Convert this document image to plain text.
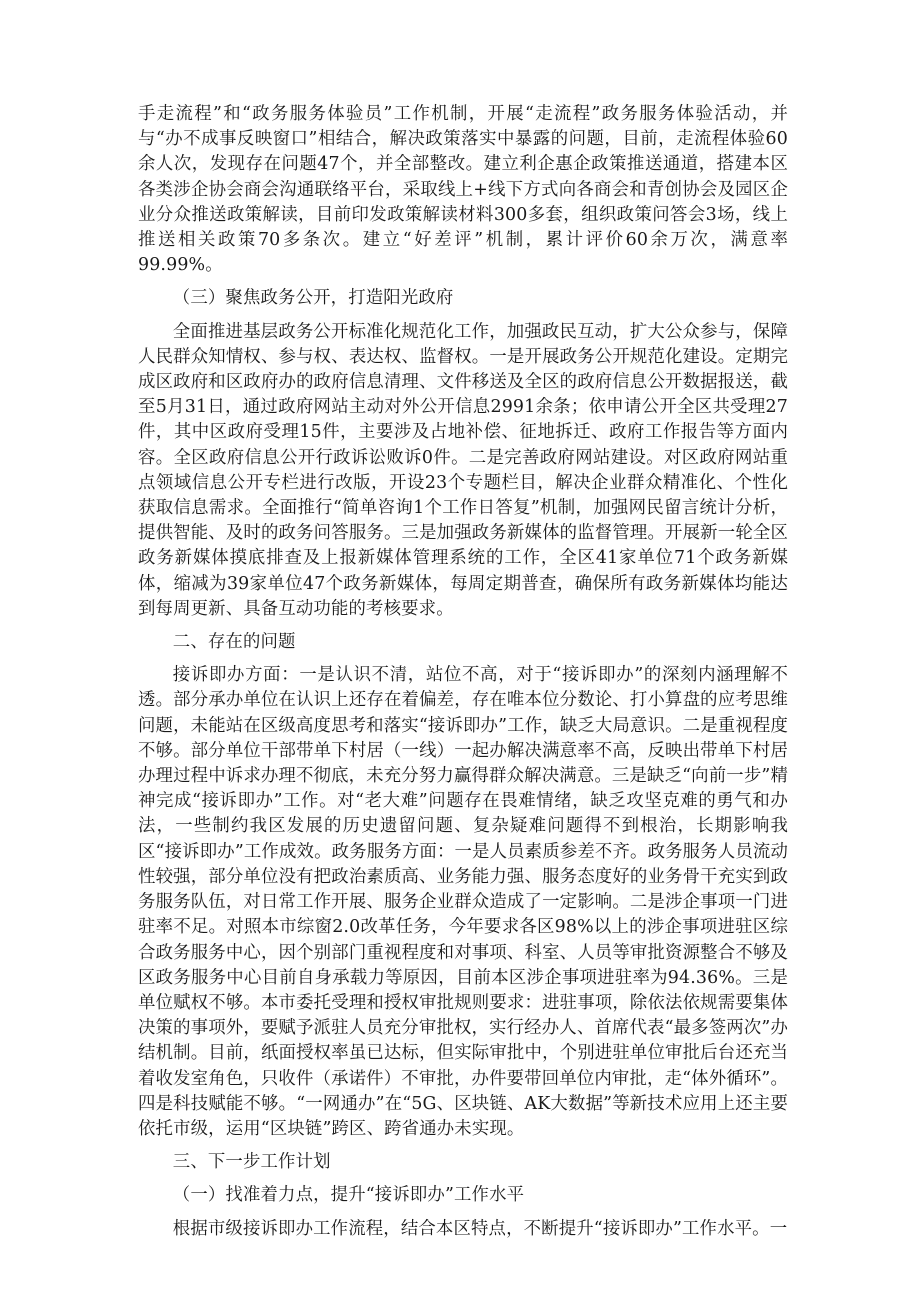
手走流程”和“政务服务体验员”工作机制，开展“走流程”政务服务体验活动，并与“办不成事反映窗口”相结合，解决政策落实中暴露的问题，目前，走流程体验60余人次，发现存在问题47个，并全部整改。建立利企惠企政策推送通道，搭建本区各类涉企协会商会沟通联络平台，采取线上+线下方式向各商会和青创协会及园区企业分众推送政策解读，目前印发政策解读材料300多套，组织政策问答会3场，线上推送相关政策70多条次。建立“好差评”机制，累计评价60余万次，满意率99.99%。

（三）聚焦政务公开，打造阳光政府

全面推进基层政务公开标准化规范化工作，加强政民互动，扩大公众参与，保障人民群众知情权、参与权、表达权、监督权。一是开展政务公开规范化建设。定期完成区政府和区政府办的政府信息清理、文件移送及全区的政府信息公开数据报送，截至5月31日，通过政府网站主动对外公开信息2991余条；依申请公开全区共受理27件，其中区政府受理15件，主要涉及占地补偿、征地拆迁、政府工作报告等方面内容。全区政府信息公开行政诉讼败诉0件。二是完善政府网站建设。对区政府网站重点领域信息公开专栏进行改版，开设23个专题栏目，解决企业群众精准化、个性化获取信息需求。全面推行“简单咨询1个工作日答复”机制，加强网民留言统计分析，提供智能、及时的政务问答服务。三是加强政务新媒体的监督管理。开展新一轮全区政务新媒体摸底排查及上报新媒体管理系统的工作，全区41家单位71个政务新媒体，缩减为39家单位47个政务新媒体，每周定期普查，确保所有政务新媒体均能达到每周更新、具备互动功能的考核要求。

二、存在的问题

接诉即办方面：一是认识不清，站位不高，对于“接诉即办”的深刻内涵理解不透。部分承办单位在认识上还存在着偏差，存在唯本位分数论、打小算盘的应考思维问题，未能站在区级高度思考和落实“接诉即办”工作，缺乏大局意识。二是重视程度不够。部分单位干部带单下村居（一线）一起办解决满意率不高，反映出带单下村居办理过程中诉求办理不彻底，未充分努力赢得群众解决满意。三是缺乏“向前一步”精神完成“接诉即办”工作。对“老大难”问题存在畏难情绪，缺乏攻坚克难的勇气和办法，一些制约我区发展的历史遗留问题、复杂疑难问题得不到根治，长期影响我区“接诉即办”工作成效。政务服务方面：一是人员素质参差不齐。政务服务人员流动性较强，部分单位没有把政治素质高、业务能力强、服务态度好的业务骨干充实到政务服务队伍，对日常工作开展、服务企业群众造成了一定影响。二是涉企事项一门进驻率不足。对照本市综窗2.0改革任务，今年要求各区98%以上的涉企事项进驻区综合政务服务中心，因个别部门重视程度和对事项、科室、人员等审批资源整合不够及区政务服务中心目前自身承载力等原因，目前本区涉企事项进驻率为94.36%。三是单位赋权不够。本市委托受理和授权审批规则要求：进驻事项，除依法依规需要集体决策的事项外，要赋予派驻人员充分审批权，实行经办人、首席代表“最多签两次”办结机制。目前，纸面授权率虽已达标，但实际审批中，个别进驻单位审批后台还充当着收发室角色，只收件（承诺件）不审批，办件要带回单位内审批，走“体外循环”。四是科技赋能不够。“一网通办”在“5G、区块链、AK大数据”等新技术应用上还主要依托市级，运用“区块链”跨区、跨省通办未实现。

三、下一步工作计划

（一）找准着力点，提升“接诉即办”工作水平

根据市级接诉即办工作流程，结合本区特点，不断提升“接诉即办”工作水平。一
